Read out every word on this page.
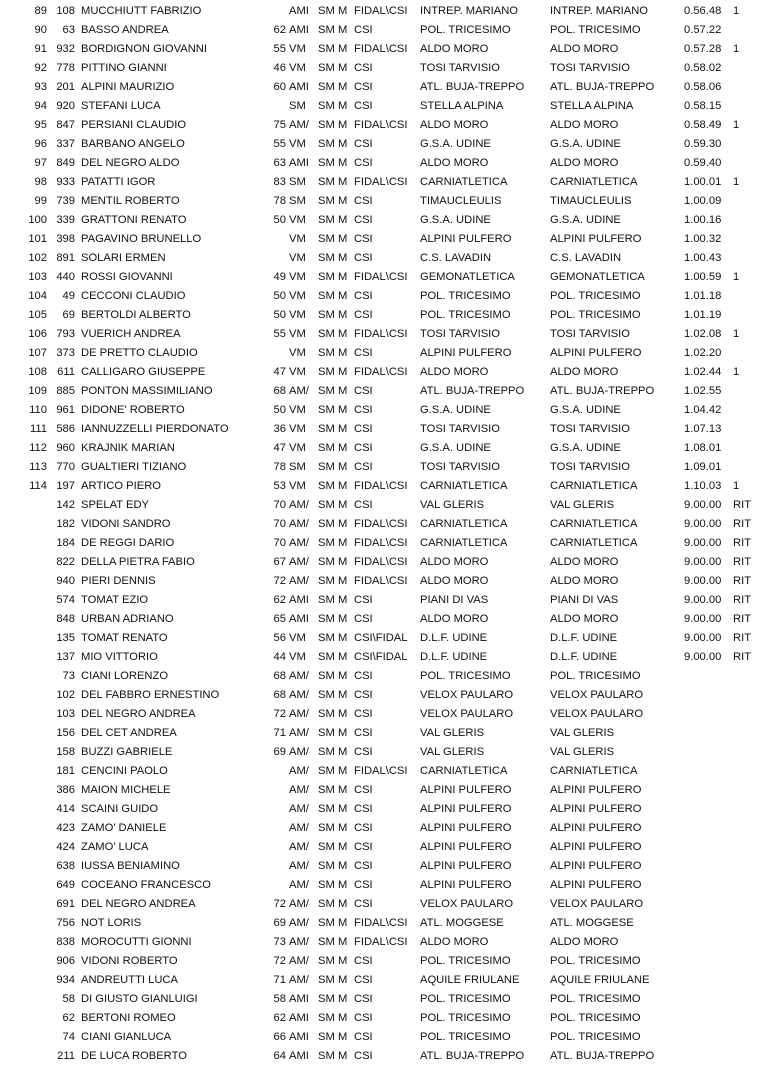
89 108 MUCCHIUTT FABRIZIO	AMI SM M FIDAL\CSI	INTREP. MARIANO	INTREP. MARIANO	0.56.48	1
90	63 BASSO ANDREA	62 AMI SM M CSI	POL. TRICESIMO	POL. TRICESIMO	0.57.22
91 932 BORDIGNON GIOVANNI	55 VM	SM M FIDAL\CSI	ALDO MORO	ALDO MORO	0.57.28	1
92 778 PITTINO GIANNI	46 VM	SM M CSI	TOSI TARVISIO	TOSI TARVISIO	0.58.02
93 201 ALPINI MAURIZIO	60 AMI SM M CSI	ATL. BUJA-TREPPO	ATL. BUJA-TREPPO	0.58.06
94 920 STEFANI LUCA	SM	SM M CSI	STELLA ALPINA	STELLA ALPINA	0.58.15
95 847 PERSIANI CLAUDIO	75 AM/ SM M FIDAL\CSI	ALDO MORO	ALDO MORO	0.58.49	1
96 337 BARBANO ANGELO	55 VM	SM M CSI	G.S.A. UDINE	G.S.A. UDINE	0.59.30
97 849 DEL NEGRO ALDO	63 AMI SM M CSI	ALDO MORO	ALDO MORO	0.59.40
98 933 PATATTI IGOR	83 SM	SM M FIDAL\CSI	CARNIATLETICA	CARNIATLETICA	1.00.01	1
99 739 MENTIL ROBERTO	78 SM	SM M CSI	TIMAUCLEULIS	TIMAUCLEULIS	1.00.09
100 339 GRATTONI RENATO	50 VM	SM M CSI	G.S.A. UDINE	G.S.A. UDINE	1.00.16
101 398 PAGAVINO BRUNELLO	VM	SM M CSI	ALPINI PULFERO	ALPINI PULFERO	1.00.32
102 891 SOLARI ERMEN	VM	SM M CSI	C.S. LAVADIN	C.S. LAVADIN	1.00.43
103 440 ROSSI GIOVANNI	49 VM	SM M FIDAL\CSI	GEMONATLETICA	GEMONATLETICA	1.00.59	1
104	49 CECCONI CLAUDIO	50 VM	SM M CSI	POL. TRICESIMO	POL. TRICESIMO	1.01.18
105	69 BERTOLDI ALBERTO	50 VM	SM M CSI	POL. TRICESIMO	POL. TRICESIMO	1.01.19
106 793 VUERICH ANDREA	55 VM	SM M FIDAL\CSI	TOSI TARVISIO	TOSI TARVISIO	1.02.08	1
107 373 DE PRETTO CLAUDIO	VM	SM M CSI	ALPINI PULFERO	ALPINI PULFERO	1.02.20
108 611 CALLIGARO GIUSEPPE	47 VM	SM M FIDAL\CSI	ALDO MORO	ALDO MORO	1.02.44	1
109 885 PONTON MASSIMILIANO	68 AM/ SM M CSI	ATL. BUJA-TREPPO	ATL. BUJA-TREPPO	1.02.55
110 961 DIDONE' ROBERTO	50 VM	SM M CSI	G.S.A. UDINE	G.S.A. UDINE	1.04.42
111 586 IANNUZZELLI PIERDONATO	36 VM	SM M CSI	TOSI TARVISIO	TOSI TARVISIO	1.07.13
112 960 KRAJNIK MARIAN	47 VM	SM M CSI	G.S.A. UDINE	G.S.A. UDINE	1.08.01
113 770 GUALTIERI TIZIANO	78 SM	SM M CSI	TOSI TARVISIO	TOSI TARVISIO	1.09.01
114 197 ARTICO PIERO	53 VM	SM M FIDAL\CSI	CARNIATLETICA	CARNIATLETICA	1.10.03	1
142 SPELAT EDY	70 AM/ SM M CSI	VAL GLERIS	VAL GLERIS	9.00.00	RIT
182 VIDONI SANDRO	70 AM/ SM M FIDAL\CSI	CARNIATLETICA	CARNIATLETICA	9.00.00	RIT
184 DE REGGI DARIO	70 AM/ SM M FIDAL\CSI	CARNIATLETICA	CARNIATLETICA	9.00.00	RIT
822 DELLA PIETRA FABIO	67 AM/ SM M FIDAL\CSI	ALDO MORO	ALDO MORO	9.00.00	RIT
940 PIERI DENNIS	72 AM/ SM M FIDAL\CSI	ALDO MORO	ALDO MORO	9.00.00	RIT
574 TOMAT EZIO	62 AMI SM M CSI	PIANI DI VAS	PIANI DI VAS	9.00.00	RIT
848 URBAN ADRIANO	65 AMI SM M CSI	ALDO MORO	ALDO MORO	9.00.00	RIT
135 TOMAT RENATO	56 VM	SM M CSI\FIDAL	D.L.F. UDINE	D.L.F. UDINE	9.00.00	RIT
137 MIO VITTORIO	44 VM	SM M CSI\FIDAL	D.L.F. UDINE	D.L.F. UDINE	9.00.00	RIT
73 CIANI LORENZO	68 AM/ SM M CSI	POL. TRICESIMO	POL. TRICESIMO
102 DEL FABBRO ERNESTINO	68 AM/ SM M CSI	VELOX PAULARO	VELOX PAULARO
103 DEL NEGRO ANDREA	72 AM/ SM M CSI	VELOX PAULARO	VELOX PAULARO
156 DEL CET ANDREA	71 AM/ SM M CSI	VAL GLERIS	VAL GLERIS
158 BUZZI GABRIELE	69 AM/ SM M CSI	VAL GLERIS	VAL GLERIS
181 CENCINI PAOLO	AM/ SM M FIDAL\CSI	CARNIATLETICA	CARNIATLETICA
386 MAION MICHELE	AM/ SM M CSI	ALPINI PULFERO	ALPINI PULFERO
414 SCAINI GUIDO	AM/ SM M CSI	ALPINI PULFERO	ALPINI PULFERO
423 ZAMO' DANIELE	AM/ SM M CSI	ALPINI PULFERO	ALPINI PULFERO
424 ZAMO' LUCA	AM/ SM M CSI	ALPINI PULFERO	ALPINI PULFERO
638 IUSSA BENIAMINO	AM/ SM M CSI	ALPINI PULFERO	ALPINI PULFERO
649 COCEANO FRANCESCO	AM/ SM M CSI	ALPINI PULFERO	ALPINI PULFERO
691 DEL NEGRO ANDREA	72 AM/ SM M CSI	VELOX PAULARO	VELOX PAULARO
756 NOT LORIS	69 AM/ SM M FIDAL\CSI	ATL. MOGGESE	ATL. MOGGESE
838 MOROCUTTI GIONNI	73 AM/ SM M FIDAL\CSI	ALDO MORO	ALDO MORO
906 VIDONI ROBERTO	72 AM/ SM M CSI	POL. TRICESIMO	POL. TRICESIMO
934 ANDREUTTI LUCA	71 AM/ SM M CSI	AQUILE FRIULANE	AQUILE FRIULANE
58 DI GIUSTO GIANLUIGI	58 AMI SM M CSI	POL. TRICESIMO	POL. TRICESIMO
62 BERTONI ROMEO	62 AMI SM M CSI	POL. TRICESIMO	POL. TRICESIMO
74 CIANI GIANLUCA	66 AMI SM M CSI	POL. TRICESIMO	POL. TRICESIMO
211 DE LUCA ROBERTO	64 AMI SM M CSI	ATL. BUJA-TREPPO	ATL. BUJA-TREPPO
